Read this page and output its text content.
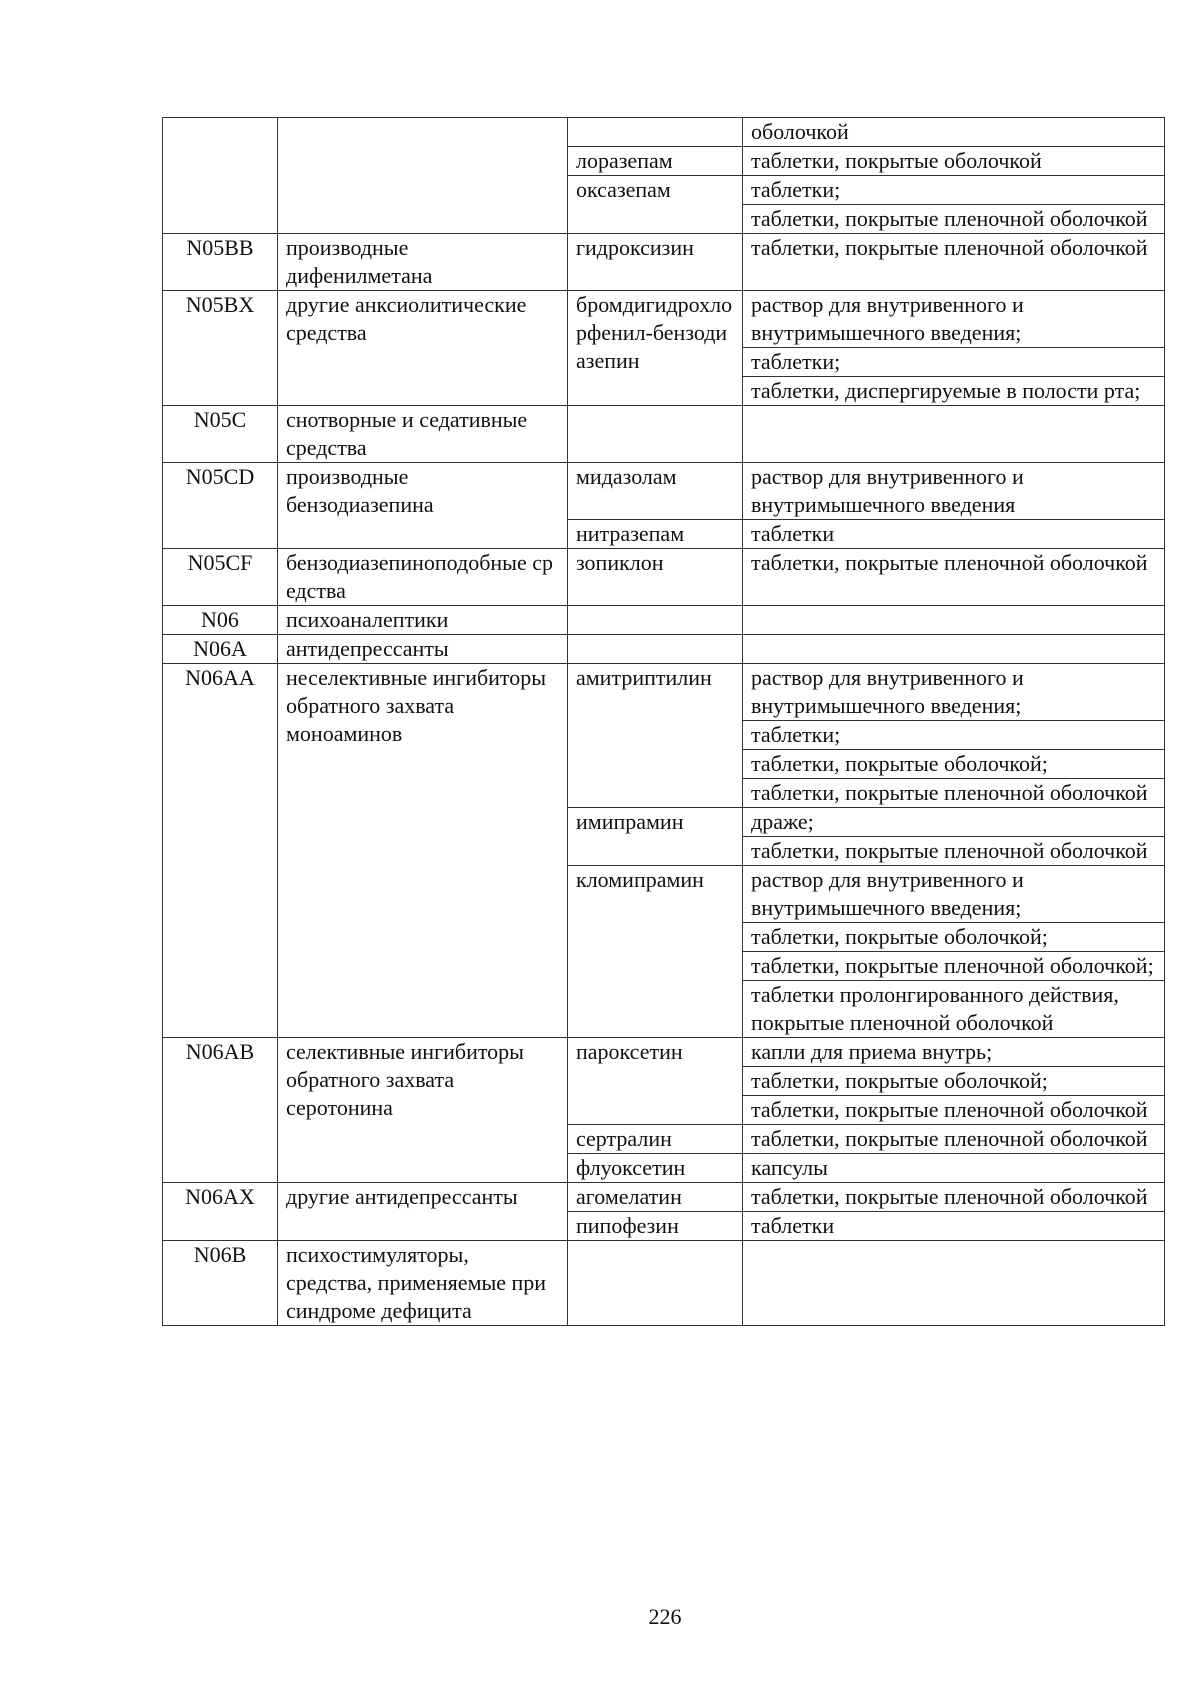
			оболочкой
		лоразепам	таблетки, покрытые оболочкой
		оксазепам	таблетки;
			таблетки, покрытые пленочной оболочкой
N05BB	производные дифенилметана	гидроксизин	таблетки, покрытые пленочной оболочкой
N05BX	другие анксиолитические средства	бромдигидрохлорфенил-бензодиазепин	раствор для внутривенного и внутримышечного введения;
			таблетки;
			таблетки, диспергируемые в полости рта;
N05C	снотворные и седативные средства		
N05CD	производные бензодиазепина	мидазолам	раствор для внутривенного и внутримышечного введения
		нитразепам	таблетки
N05CF	бензодиазепиноподобные средства	зопиклон	таблетки, покрытые пленочной оболочкой
N06	психоаналептики		
N06A	антидепрессанты		
N06AA	неселективные ингибиторы обратного захвата моноаминов	амитриптилин	раствор для внутривенного и внутримышечного введения;
			таблетки;
			таблетки, покрытые оболочкой;
			таблетки, покрытые пленочной оболочкой
		имипрамин	драже;
			таблетки, покрытые пленочной оболочкой
		кломипрамин	раствор для внутривенного и внутримышечного введения;
			таблетки, покрытые оболочкой;
			таблетки, покрытые пленочной оболочкой;
			таблетки пролонгированного действия, покрытые пленочной оболочкой
N06AB	селективные ингибиторы обратного захвата серотонина	пароксетин	капли для приема внутрь;
			таблетки, покрытые оболочкой;
			таблетки, покрытые пленочной оболочкой
		сертралин	таблетки, покрытые пленочной оболочкой
		флуоксетин	капсулы
N06AX	другие антидепрессанты	агомелатин	таблетки, покрытые пленочной оболочкой
		пипофезин	таблетки
N06B	психостимуляторы, средства, применяемые при синдроме дефицита		
226
